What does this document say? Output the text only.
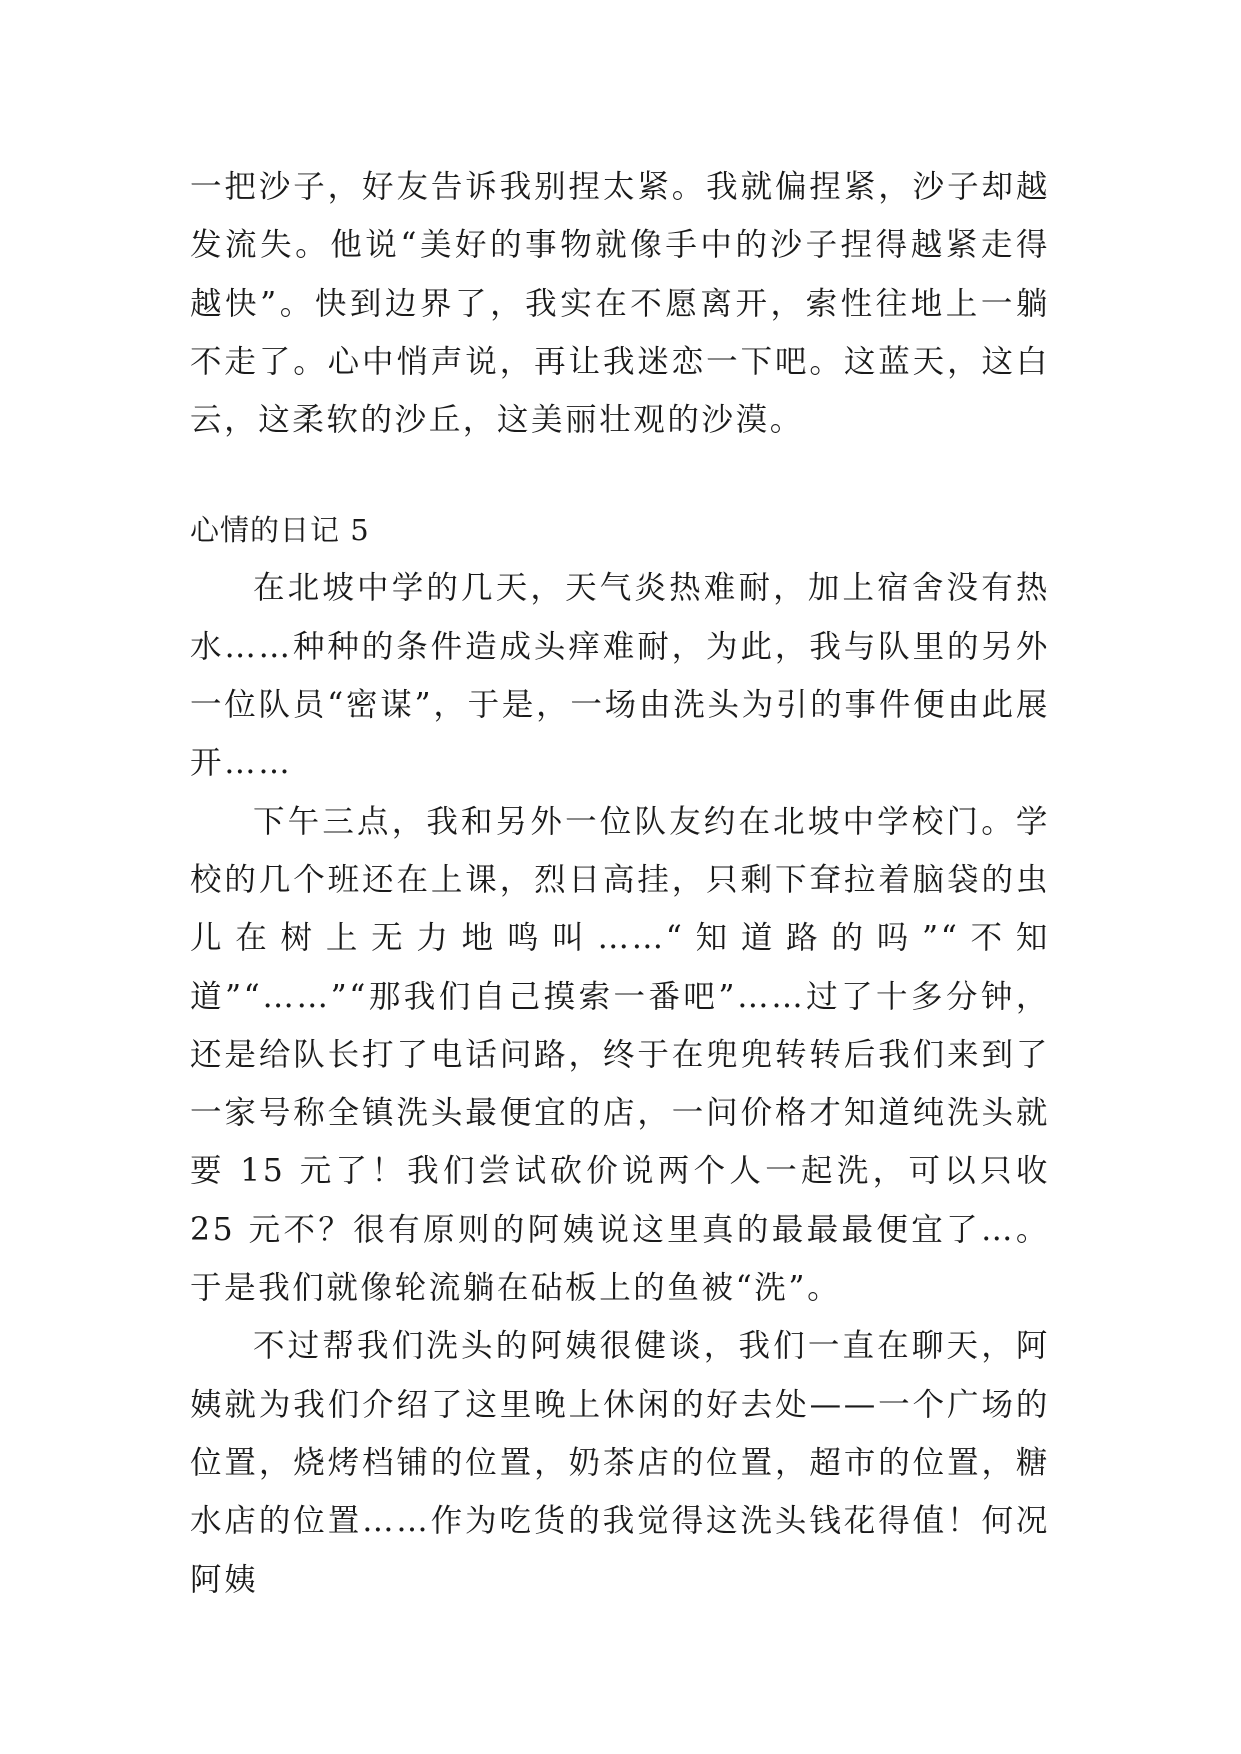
一把沙子，好友告诉我别捏太紧。我就偏捏紧，沙子却越发流失。他说“美好的事物就像手中的沙子捏得越紧走得越快”。快到边界了，我实在不愿离开，索性往地上一躺不走了。心中悄声说，再让我迷恋一下吧。这蓝天，这白云，这柔软的沙丘，这美丽壮观的沙漠。

心情的日记 5

在北坡中学的几天，天气炎热难耐，加上宿舍没有热水……种种的条件造成头痒难耐，为此，我与队里的另外一位队员“密谋”，于是，一场由洗头为引的事件便由此展开……

下午三点，我和另外一位队友约在北坡中学校门。学校的几个班还在上课，烈日高挂，只剩下耷拉着脑袋的虫儿在树上无力地鸣叫……“知道路的吗”“不知道”“……”“那我们自己摸索一番吧”……过了十多分钟，还是给队长打了电话问路，终于在兜兜转转后我们来到了一家号称全镇洗头最便宜的店，一问价格才知道纯洗头就要 15 元了！我们尝试砍价说两个人一起洗，可以只收 25 元不？很有原则的阿姨说这里真的最最最便宜了…。于是我们就像轮流躺在砧板上的鱼被“洗”。

不过帮我们洗头的阿姨很健谈，我们一直在聊天，阿姨就为我们介绍了这里晚上休闲的好去处——一个广场的位置，烧烤档铺的位置，奶茶店的位置，超市的位置，糖水店的位置……作为吃货的我觉得这洗头钱花得值！何况阿姨
